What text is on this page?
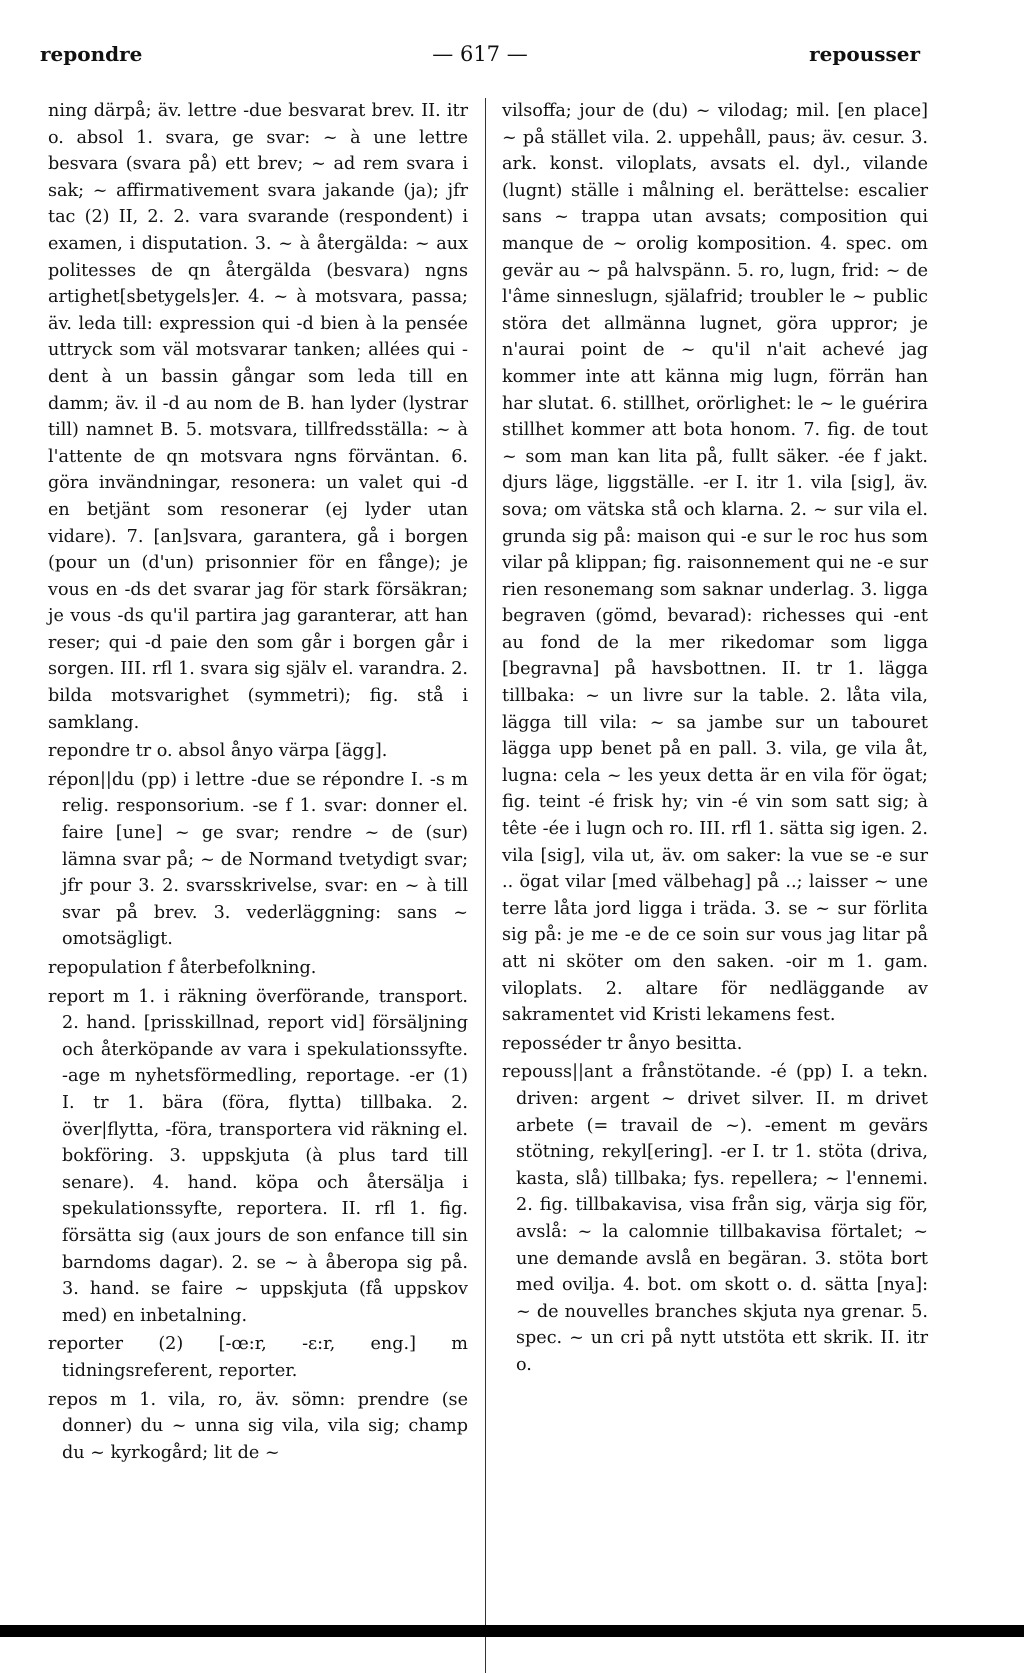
repondre	— 617 —	repousser

ning därpå; äv. lettre -due besvarat brev. II. itr o. absol 1. svara, ge svar: ~ à une lettre besvara (svara på) ett brev; ~ ad rem svara i sak; ~ affirmativement svara jakande (ja); jfr tac (2) II, 2. 2. vara svarande (respondent) i examen, i disputation. 3. ~ à återgälda: ~ aux politesses de qn återgälda (besvara) ngns artighet[sbetygels]er. 4. ~ à motsvara, passa; äv. leda till: expression qui -d bien à la pensée uttryck som väl motsvarar tanken; allées qui -dent à un bassin gångar som leda till en damm; äv. il -d au nom de B. han lyder (lystrar till) namnet B. 5. motsvara, tillfredsställa: ~ à l'attente de qn motsvara ngns förväntan. 6. göra invändningar, resonera: un valet qui -d en betjänt som resonerar (ej lyder utan vidare). 7. [an]svara, garantera, gå i borgen (pour un (d'un) prisonnier för en fånge); je vous en -ds det svarar jag för stark försäkran; je vous -ds qu'il partira jag garanterar, att han reser; qui -d paie den som går i borgen går i sorgen. III. rfl 1. svara sig själv el. varandra. 2. bilda motsvarighet (symmetri); fig. stå i samklang.

repondre tr o. absol ånyo värpa [ägg].

répon||du (pp) i lettre -due se répondre I. -s m relig. responsorium. -se f 1. svar: donner el. faire [une] ~ ge svar; rendre ~ de (sur) lämna svar på; ~ de Normand tvetydigt svar; jfr pour 3. 2. svarsskrivelse, svar: en ~ à till svar på brev. 3. vederläggning: sans ~ omotsägligt.

repopulation f återbefolkning.

report m 1. i räkning överförande, transport. 2. hand. [prisskillnad, report vid] försäljning och återköpande av vara i spekulationssyfte. -age m nyhetsförmedling, reportage. -er (1) I. tr 1. bära (föra, flytta) tillbaka. 2. över|flytta, -föra, transportera vid räkning el. bokföring. 3. uppskjuta (à plus tard till senare). 4. hand. köpa och återsälja i spekulationssyfte, reportera. II. rfl 1. fig. försätta sig (aux jours de son enfance till sin barndoms dagar). 2. se ~ à åberopa sig på. 3. hand. se faire ~ uppskjuta (få uppskov med) en inbetalning.

reporter (2) [-œ:r, -ɛ:r, eng.] m tidningsreferent, reporter.

repos m 1. vila, ro, äv. sömn: prendre (se donner) du ~ unna sig vila, vila sig; champ du ~ kyrkogård; lit de ~

vilsoffa; jour de (du) ~ vilodag; mil. [en place] ~ på stället vila. 2. uppehåll, paus; äv. cesur. 3. ark. konst. viloplats, avsats el. dyl., vilande (lugnt) ställe i målning el. berättelse: escalier sans ~ trappa utan avsats; composition qui manque de ~ orolig komposition. 4. spec. om gevär au ~ på halvspänn. 5. ro, lugn, frid: ~ de l'âme sinneslugn, själafrid; troubler le ~ public störa det allmänna lugnet, göra uppror; je n'aurai point de ~ qu'il n'ait achevé jag kommer inte att känna mig lugn, förrän han har slutat. 6. stillhet, orörlighet: le ~ le guérira stillhet kommer att bota honom. 7. fig. de tout ~ som man kan lita på, fullt säker. -ée f jakt. djurs läge, liggställe. -er I. itr 1. vila [sig], äv. sova; om vätska stå och klarna. 2. ~ sur vila el. grunda sig på: maison qui -e sur le roc hus som vilar på klippan; fig. raisonnement qui ne -e sur rien resonemang som saknar underlag. 3. ligga begraven (gömd, bevarad): richesses qui -ent au fond de la mer rikedomar som ligga [begravna] på havsbottnen. II. tr 1. lägga tillbaka: ~ un livre sur la table. 2. låta vila, lägga till vila: ~ sa jambe sur un tabouret lägga upp benet på en pall. 3. vila, ge vila åt, lugna: cela ~ les yeux detta är en vila för ögat; fig. teint -é frisk hy; vin -é vin som satt sig; à tête -ée i lugn och ro. III. rfl 1. sätta sig igen. 2. vila [sig], vila ut, äv. om saker: la vue se -e sur .. ögat vilar [med välbehag] på ..; laisser ~ une terre låta jord ligga i träda. 3. se ~ sur förlita sig på: je me -e de ce soin sur vous jag litar på att ni sköter om den saken. -oir m 1. gam. viloplats. 2. altare för nedläggande av sakramentet vid Kristi lekamens fest.

reposséder tr ånyo besitta.

repouss||ant a frånstötande. -é (pp) I. a tekn. driven: argent ~ drivet silver. II. m drivet arbete (= travail de ~). -ement m gevärs stötning, rekyl[ering]. -er I. tr 1. stöta (driva, kasta, slå) tillbaka; fys. repellera; ~ l'ennemi. 2. fig. tillbakavisa, visa från sig, värja sig för, avslå: ~ la calomnie tillbakavisa förtalet; ~ une demande avslå en begäran. 3. stöta bort med ovilja. 4. bot. om skott o. d. sätta [nya]: ~ de nouvelles branches skjuta nya grenar. 5. spec. ~ un cri på nytt utstöta ett skrik. II. itr o.
